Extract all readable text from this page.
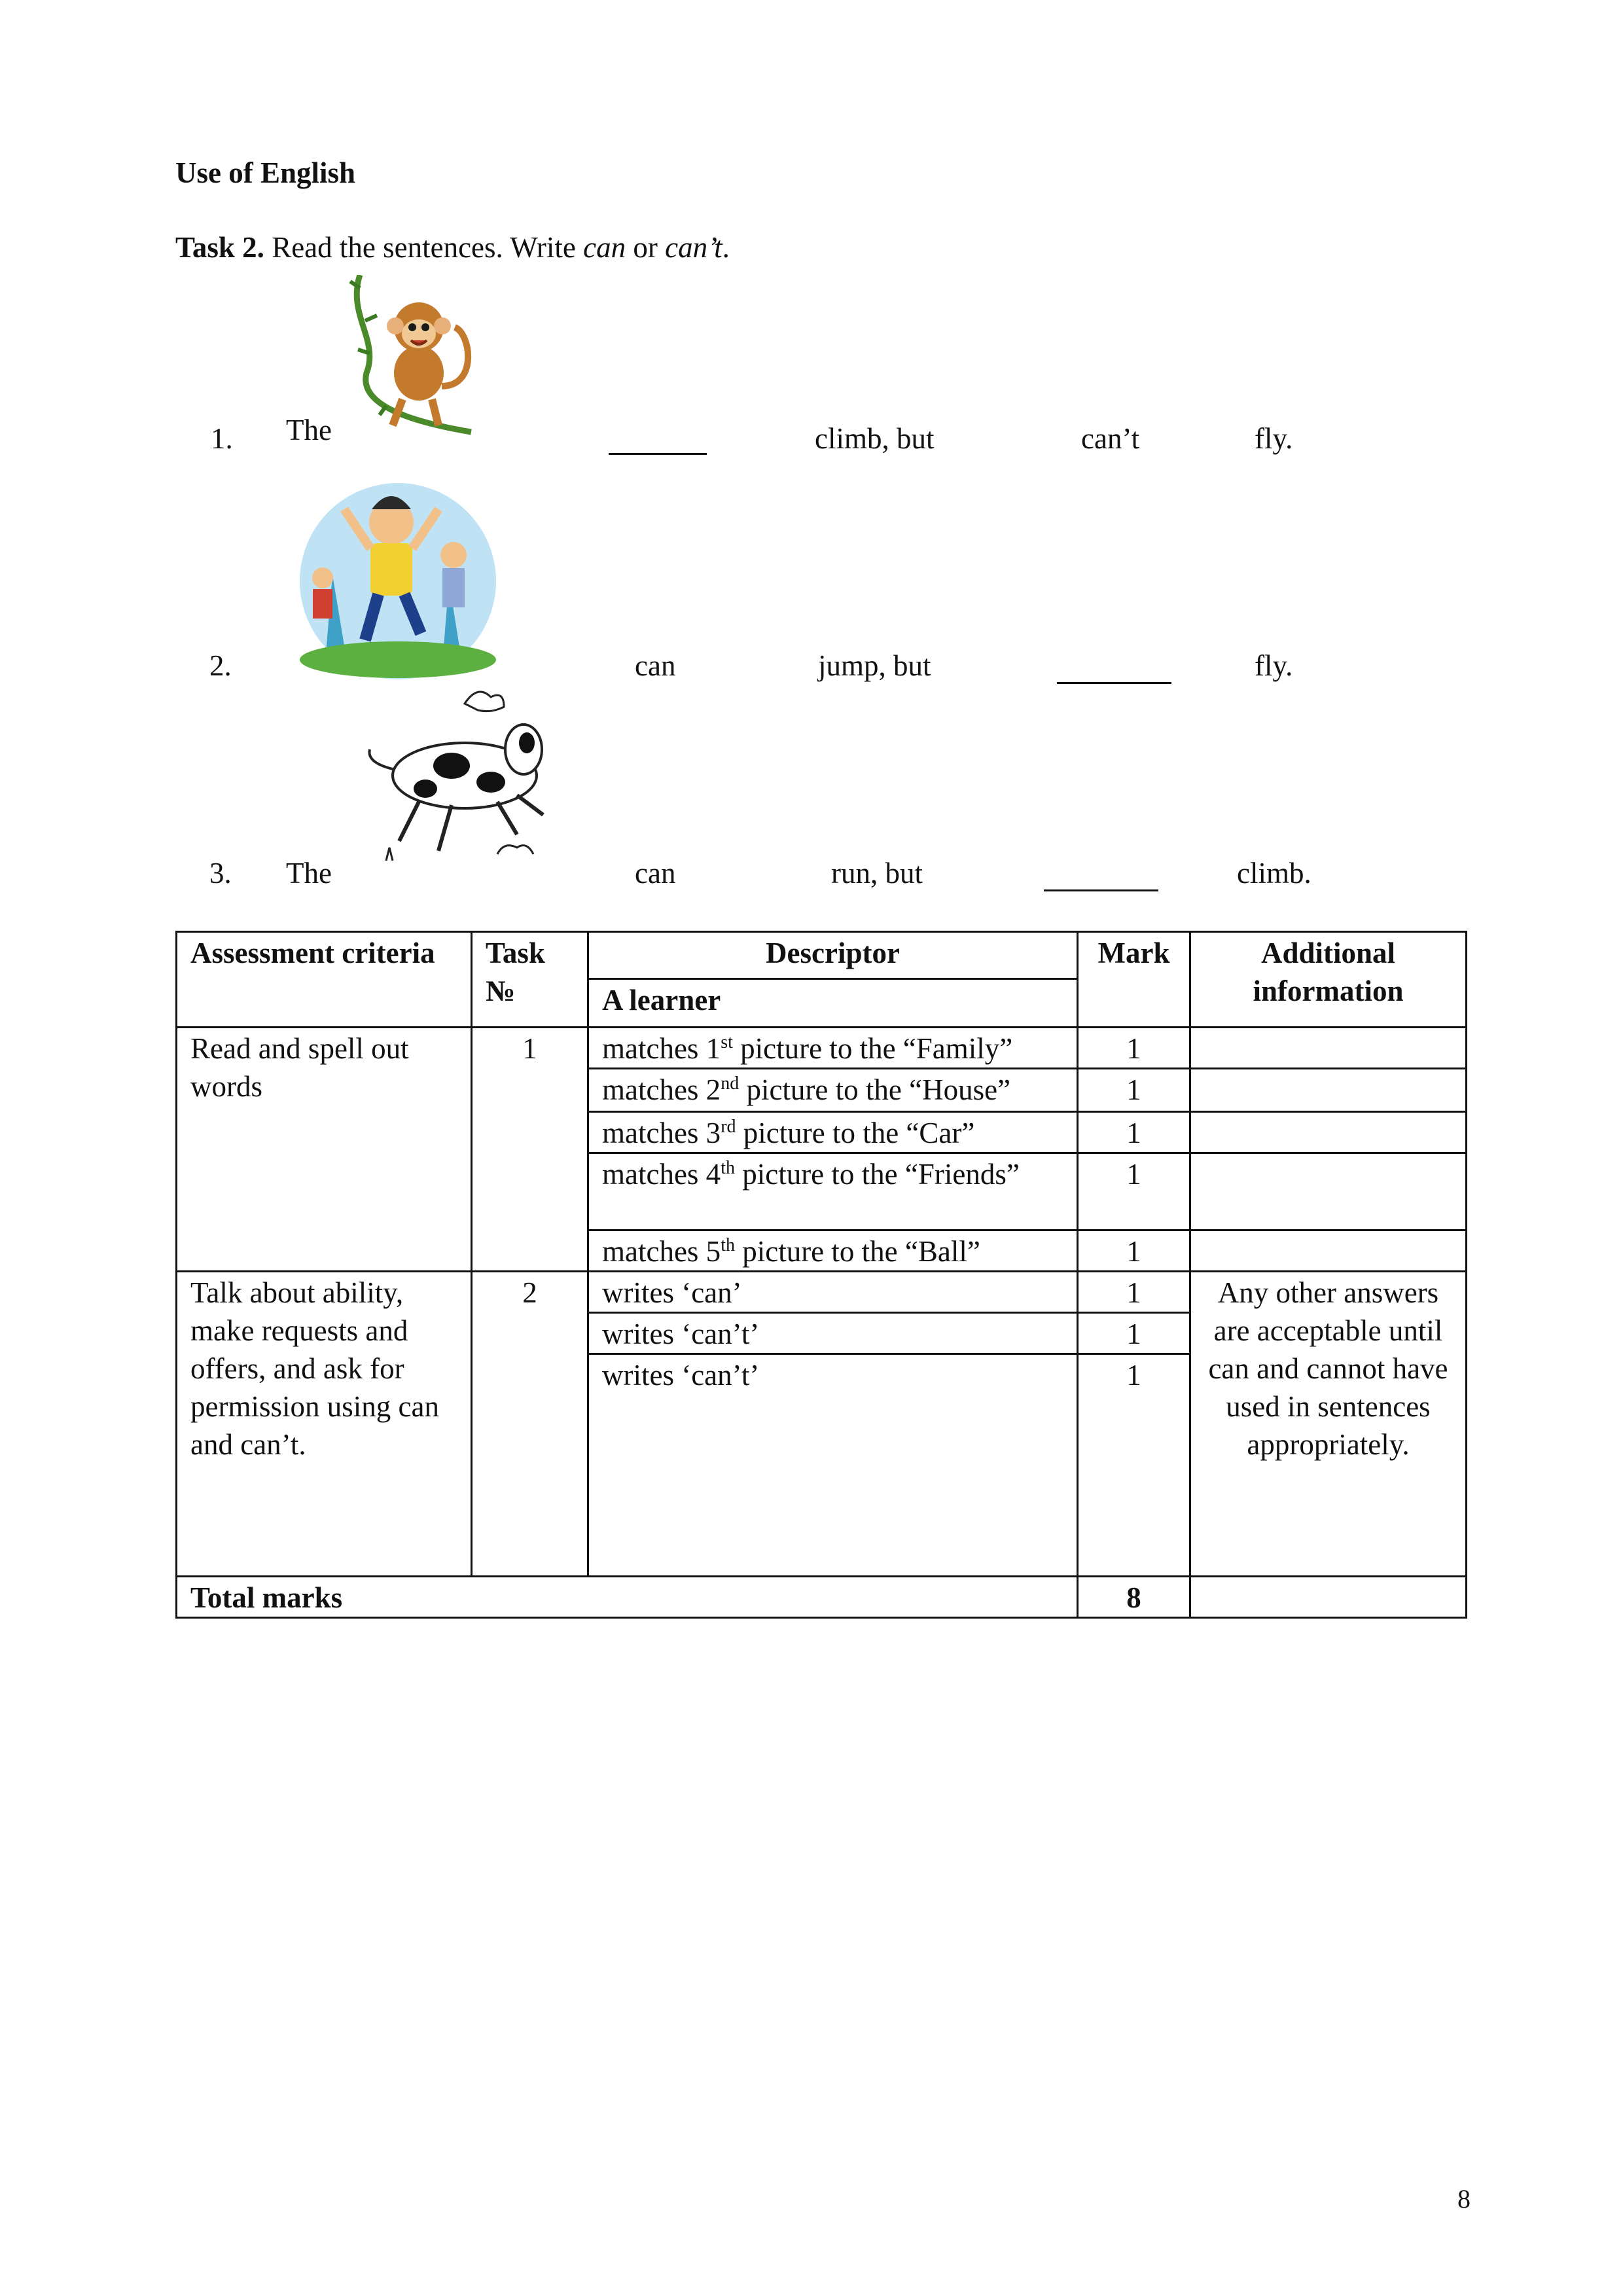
Use of English
Task 2. Read the sentences. Write can or can’t.
1. The	climb, but	can’t	fly.
2.	can	jump, but	fly.
3. The	can	run, but	climb.
Assessment criteria	Task №	Descriptor	Mark	Additional information
		A learner		
Read and spell out words	1	matches 1st picture to the “Family”	1	
		matches 2nd picture to the “House”	1	
		matches 3rd picture to the “Car”	1	
		matches 4th picture to the “Friends”	1	
		matches 5th picture to the “Ball”	1	
Talk about ability, make requests and offers, and ask for permission using can and can’t.	2	writes ‘can’	1	Any other answers are acceptable until can and cannot have used in sentences appropriately.
		writes ‘can’t’	1	
		writes ‘can’t’	1	
Total marks			8	
8
